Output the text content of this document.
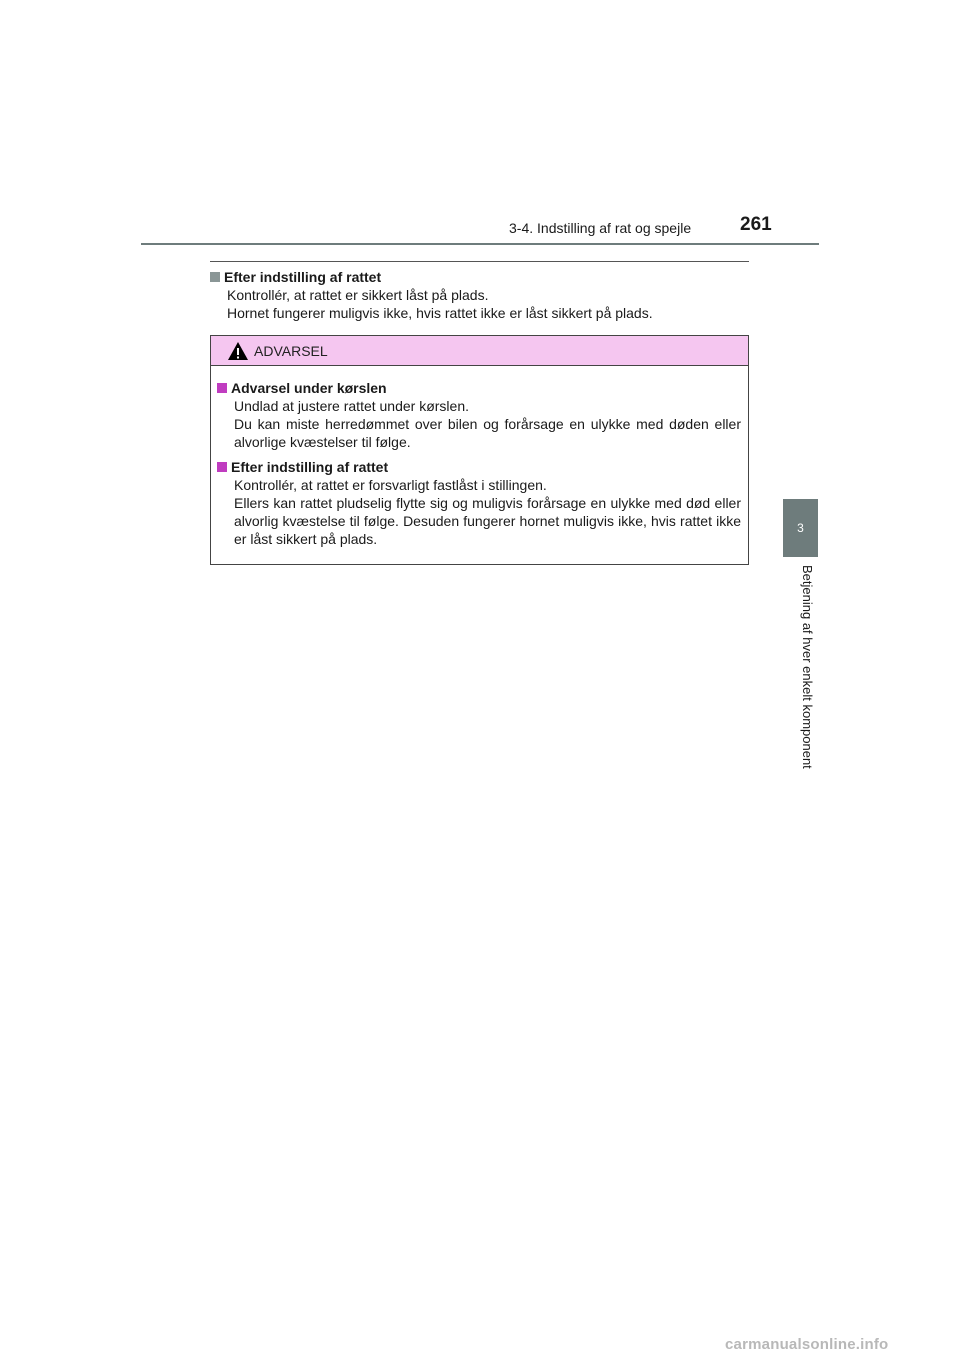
3-4. Indstilling af rat og spejle	261
Efter indstilling af rattet

Kontrollér, at rattet er sikkert låst på plads.

Hornet fungerer muligvis ikke, hvis rattet ikke er låst sikkert på plads.

ADVARSEL
Advarsel under kørslen

Undlad at justere rattet under kørslen.

Du kan miste herredømmet over bilen og forårsage en ulykke med døden eller alvorlige kvæstelser til følge.

Efter indstilling af rattet

Kontrollér, at rattet er forsvarligt fastlåst i stillingen.

Ellers kan rattet pludselig flytte sig og muligvis forårsage en ulykke med død eller alvorlig kvæstelse til følge. Desuden fungerer hornet muligvis ikke, hvis rattet ikke er låst sikkert på plads.

3
Betjening af hver enkelt komponent
carmanualsonline.info
